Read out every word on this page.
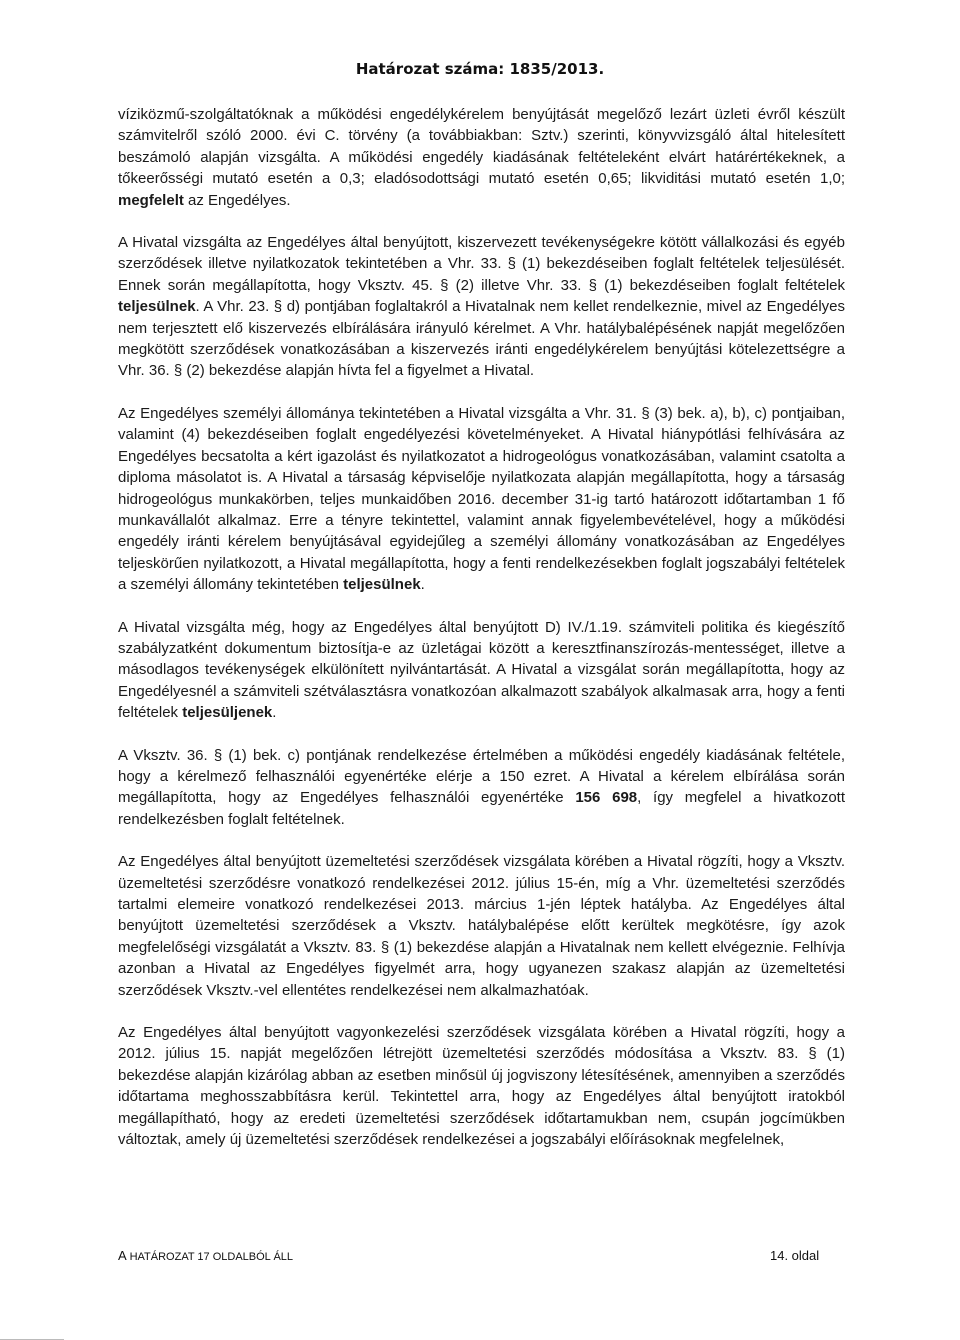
Határozat száma: 1835/2013.

víziközmű-szolgáltatóknak a működési engedélykérelem benyújtását megelőző lezárt üzleti évről készült számvitelről szóló 2000. évi C. törvény (a továbbiakban: Sztv.) szerinti, könyvvizsgáló által hitelesített beszámoló alapján vizsgálta. A működési engedély kiadásának feltételeként elvárt határértékeknek, a tőkeerősségi mutató esetén a 0,3; eladósodottsági mutató esetén 0,65; likviditási mutató esetén 1,0; megfelelt az Engedélyes.

A Hivatal vizsgálta az Engedélyes által benyújtott, kiszervezett tevékenységekre kötött vállalkozási és egyéb szerződések illetve nyilatkozatok tekintetében a Vhr. 33. § (1) bekezdéseiben foglalt feltételek teljesülését. Ennek során megállapította, hogy Vksztv. 45. § (2) illetve Vhr. 33. § (1) bekezdéseiben foglalt feltételek teljesülnek. A Vhr. 23. § d) pontjában foglaltakról a Hivatalnak nem kellet rendelkeznie, mivel az Engedélyes nem terjesztett elő kiszervezés elbírálására irányuló kérelmet. A Vhr. hatálybalépésének napját megelőzően megkötött szerződések vonatkozásában a kiszervezés iránti engedélykérelem benyújtási kötelezettségre a Vhr. 36. § (2) bekezdése alapján hívta fel a figyelmet a Hivatal.

Az Engedélyes személyi állománya tekintetében a Hivatal vizsgálta a Vhr. 31. § (3) bek. a), b), c) pontjaiban, valamint (4) bekezdéseiben foglalt engedélyezési követelményeket. A Hivatal hiánypótlási felhívására az Engedélyes becsatolta a kért igazolást és nyilatkozatot a hidrogeológus vonatkozásában, valamint csatolta a diploma másolatot is. A Hivatal a társaság képviselője nyilatkozata alapján megállapította, hogy a társaság hidrogeológus munkakörben, teljes munkaidőben 2016. december 31-ig tartó határozott időtartamban 1 fő munkavállalót alkalmaz. Erre a tényre tekintettel, valamint annak figyelembevételével, hogy a működési engedély iránti kérelem benyújtásával egyidejűleg a személyi állomány vonatkozásában az Engedélyes teljeskörűen nyilatkozott, a Hivatal megállapította, hogy a fenti rendelkezésekben foglalt jogszabályi feltételek a személyi állomány tekintetében teljesülnek.

A Hivatal vizsgálta még, hogy az Engedélyes által benyújtott D) IV./1.19. számviteli politika és kiegészítő szabályzatként dokumentum biztosítja-e az üzletágai között a keresztfinanszírozás-mentességet, illetve a másodlagos tevékenységek elkülönített nyilvántartását. A Hivatal a vizsgálat során megállapította, hogy az Engedélyesnél a számviteli szétválasztásra vonatkozóan alkalmazott szabályok alkalmasak arra, hogy a fenti feltételek teljesüljenek.

A Vksztv. 36. § (1) bek. c) pontjának rendelkezése értelmében a működési engedély kiadásának feltétele, hogy a kérelmező felhasználói egyenértéke elérje a 150 ezret. A Hivatal a kérelem elbírálása során megállapította, hogy az Engedélyes felhasználói egyenértéke 156 698, így megfelel a hivatkozott rendelkezésben foglalt feltételnek.

Az Engedélyes által benyújtott üzemeltetési szerződések vizsgálata körében a Hivatal rögzíti, hogy a Vksztv. üzemeltetési szerződésre vonatkozó rendelkezései 2012. július 15-én, míg a Vhr. üzemeltetési szerződés tartalmi elemeire vonatkozó rendelkezései 2013. március 1-jén léptek hatályba. Az Engedélyes által benyújtott üzemeltetési szerződések a Vksztv. hatálybalépése előtt kerültek megkötésre, így azok megfelelőségi vizsgálatát a Vksztv. 83. § (1) bekezdése alapján a Hivatalnak nem kellett elvégeznie. Felhívja azonban a Hivatal az Engedélyes figyelmét arra, hogy ugyanezen szakasz alapján az üzemeltetési szerződések Vksztv.-vel ellentétes rendelkezései nem alkalmazhatóak.

Az Engedélyes által benyújtott vagyonkezelési szerződések vizsgálata körében a Hivatal rögzíti, hogy a 2012. július 15. napját megelőzően létrejött üzemeltetési szerződés módosítása a Vksztv. 83. § (1) bekezdése alapján kizárólag abban az esetben minősül új jogviszony létesítésének, amennyiben a szerződés időtartama meghosszabbításra kerül. Tekintettel arra, hogy az Engedélyes által benyújtott iratokból megállapítható, hogy az eredeti üzemeltetési szerződések időtartamukban nem, csupán jogcímükben változtak, amely új üzemeltetési szerződések rendelkezései a jogszabályi előírásoknak megfelelnek,

A HATÁROZAT 17 OLDALBÓL ÁLL	14. oldal
